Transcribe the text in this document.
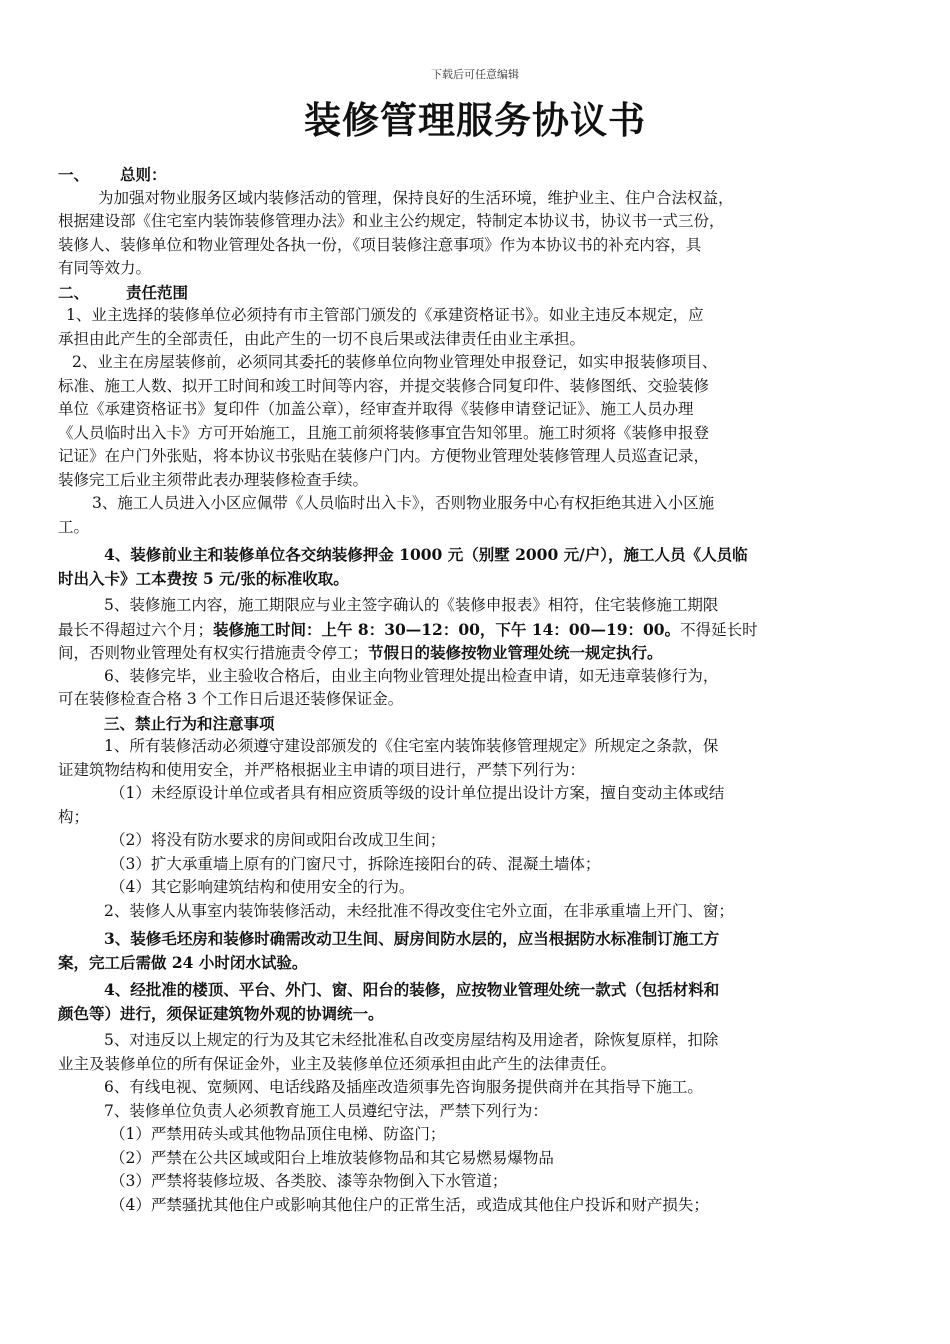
下载后可任意编辑
装修管理服务协议书
一、 总则：
为加强对物业服务区域内装修活动的管理，保持良好的生活环境，维护业主、住户合法权益，
根据建设部《住宅室内装饰装修管理办法》和业主公约规定，特制定本协议书，协议书一式三份，
装修人、装修单位和物业管理处各执一份，《项目装修注意事项》作为本协议书的补充内容，具
有同等效力。
二、 责任范围
1、业主选择的装修单位必须持有市主管部门颁发的《承建资格证书》。如业主违反本规定，应
承担由此产生的全部责任，由此产生的一切不良后果或法律责任由业主承担。
2、业主在房屋装修前，必须同其委托的装修单位向物业管理处申报登记，如实申报装修项目、
标准、施工人数、拟开工时间和竣工时间等内容，并提交装修合同复印件、装修图纸、交验装修
单位《承建资格证书》复印件（加盖公章），经审查并取得《装修申请登记证》、施工人员办理
《人员临时出入卡》方可开始施工，且施工前须将装修事宜告知邻里。施工时须将《装修申报登
记证》在户门外张贴，将本协议书张贴在装修户门内。方便物业管理处装修管理人员巡查记录，
装修完工后业主须带此表办理装修检查手续。
3、施工人员进入小区应佩带《人员临时出入卡》，否则物业服务中心有权拒绝其进入小区施
工。
4、装修前业主和装修单位各交纳装修押金 1000 元（别墅 2000 元/户），施工人员《人员临
时出入卡》工本费按 5 元/张的标准收取。
5、装修施工内容，施工期限应与业主签字确认的《装修申报表》相符，住宅装修施工期限
最长不得超过六个月；装修施工时间：上午 8：30—12：00，下午 14：00—19：00。不得延长时
间，否则物业管理处有权实行措施责令停工；节假日的装修按物业管理处统一规定执行。
6、装修完毕，业主验收合格后，由业主向物业管理处提出检查申请，如无违章装修行为，
可在装修检查合格 3 个工作日后退还装修保证金。
三、禁止行为和注意事项
1、所有装修活动必须遵守建设部颁发的《住宅室内装饰装修管理规定》所规定之条款，保
证建筑物结构和使用安全，并严格根据业主申请的项目进行，严禁下列行为：
（1）未经原设计单位或者具有相应资质等级的设计单位提出设计方案，擅自变动主体或结
构；
（2）将没有防水要求的房间或阳台改成卫生间；
（3）扩大承重墙上原有的门窗尺寸，拆除连接阳台的砖、混凝土墙体；
（4）其它影响建筑结构和使用安全的行为。
2、装修人从事室内装饰装修活动，未经批准不得改变住宅外立面，在非承重墙上开门、窗；
3、装修毛坯房和装修时确需改动卫生间、厨房间防水层的，应当根据防水标准制订施工方
案，完工后需做 24 小时闭水试验。
4、经批准的楼顶、平台、外门、窗、阳台的装修，应按物业管理处统一款式（包括材料和
颜色等）进行，须保证建筑物外观的协调统一。
5、对违反以上规定的行为及其它未经批准私自改变房屋结构及用途者，除恢复原样，扣除
业主及装修单位的所有保证金外，业主及装修单位还须承担由此产生的法律责任。
6、有线电视、宽频网、电话线路及插座改造须事先咨询服务提供商并在其指导下施工。
7、装修单位负责人必须教育施工人员遵纪守法，严禁下列行为：
（1）严禁用砖头或其他物品顶住电梯、防盗门；
（2）严禁在公共区域或阳台上堆放装修物品和其它易燃易爆物品
（3）严禁将装修垃圾、各类胶、漆等杂物倒入下水管道；
（4）严禁骚扰其他住户或影响其他住户的正常生活，或造成其他住户投诉和财产损失；
